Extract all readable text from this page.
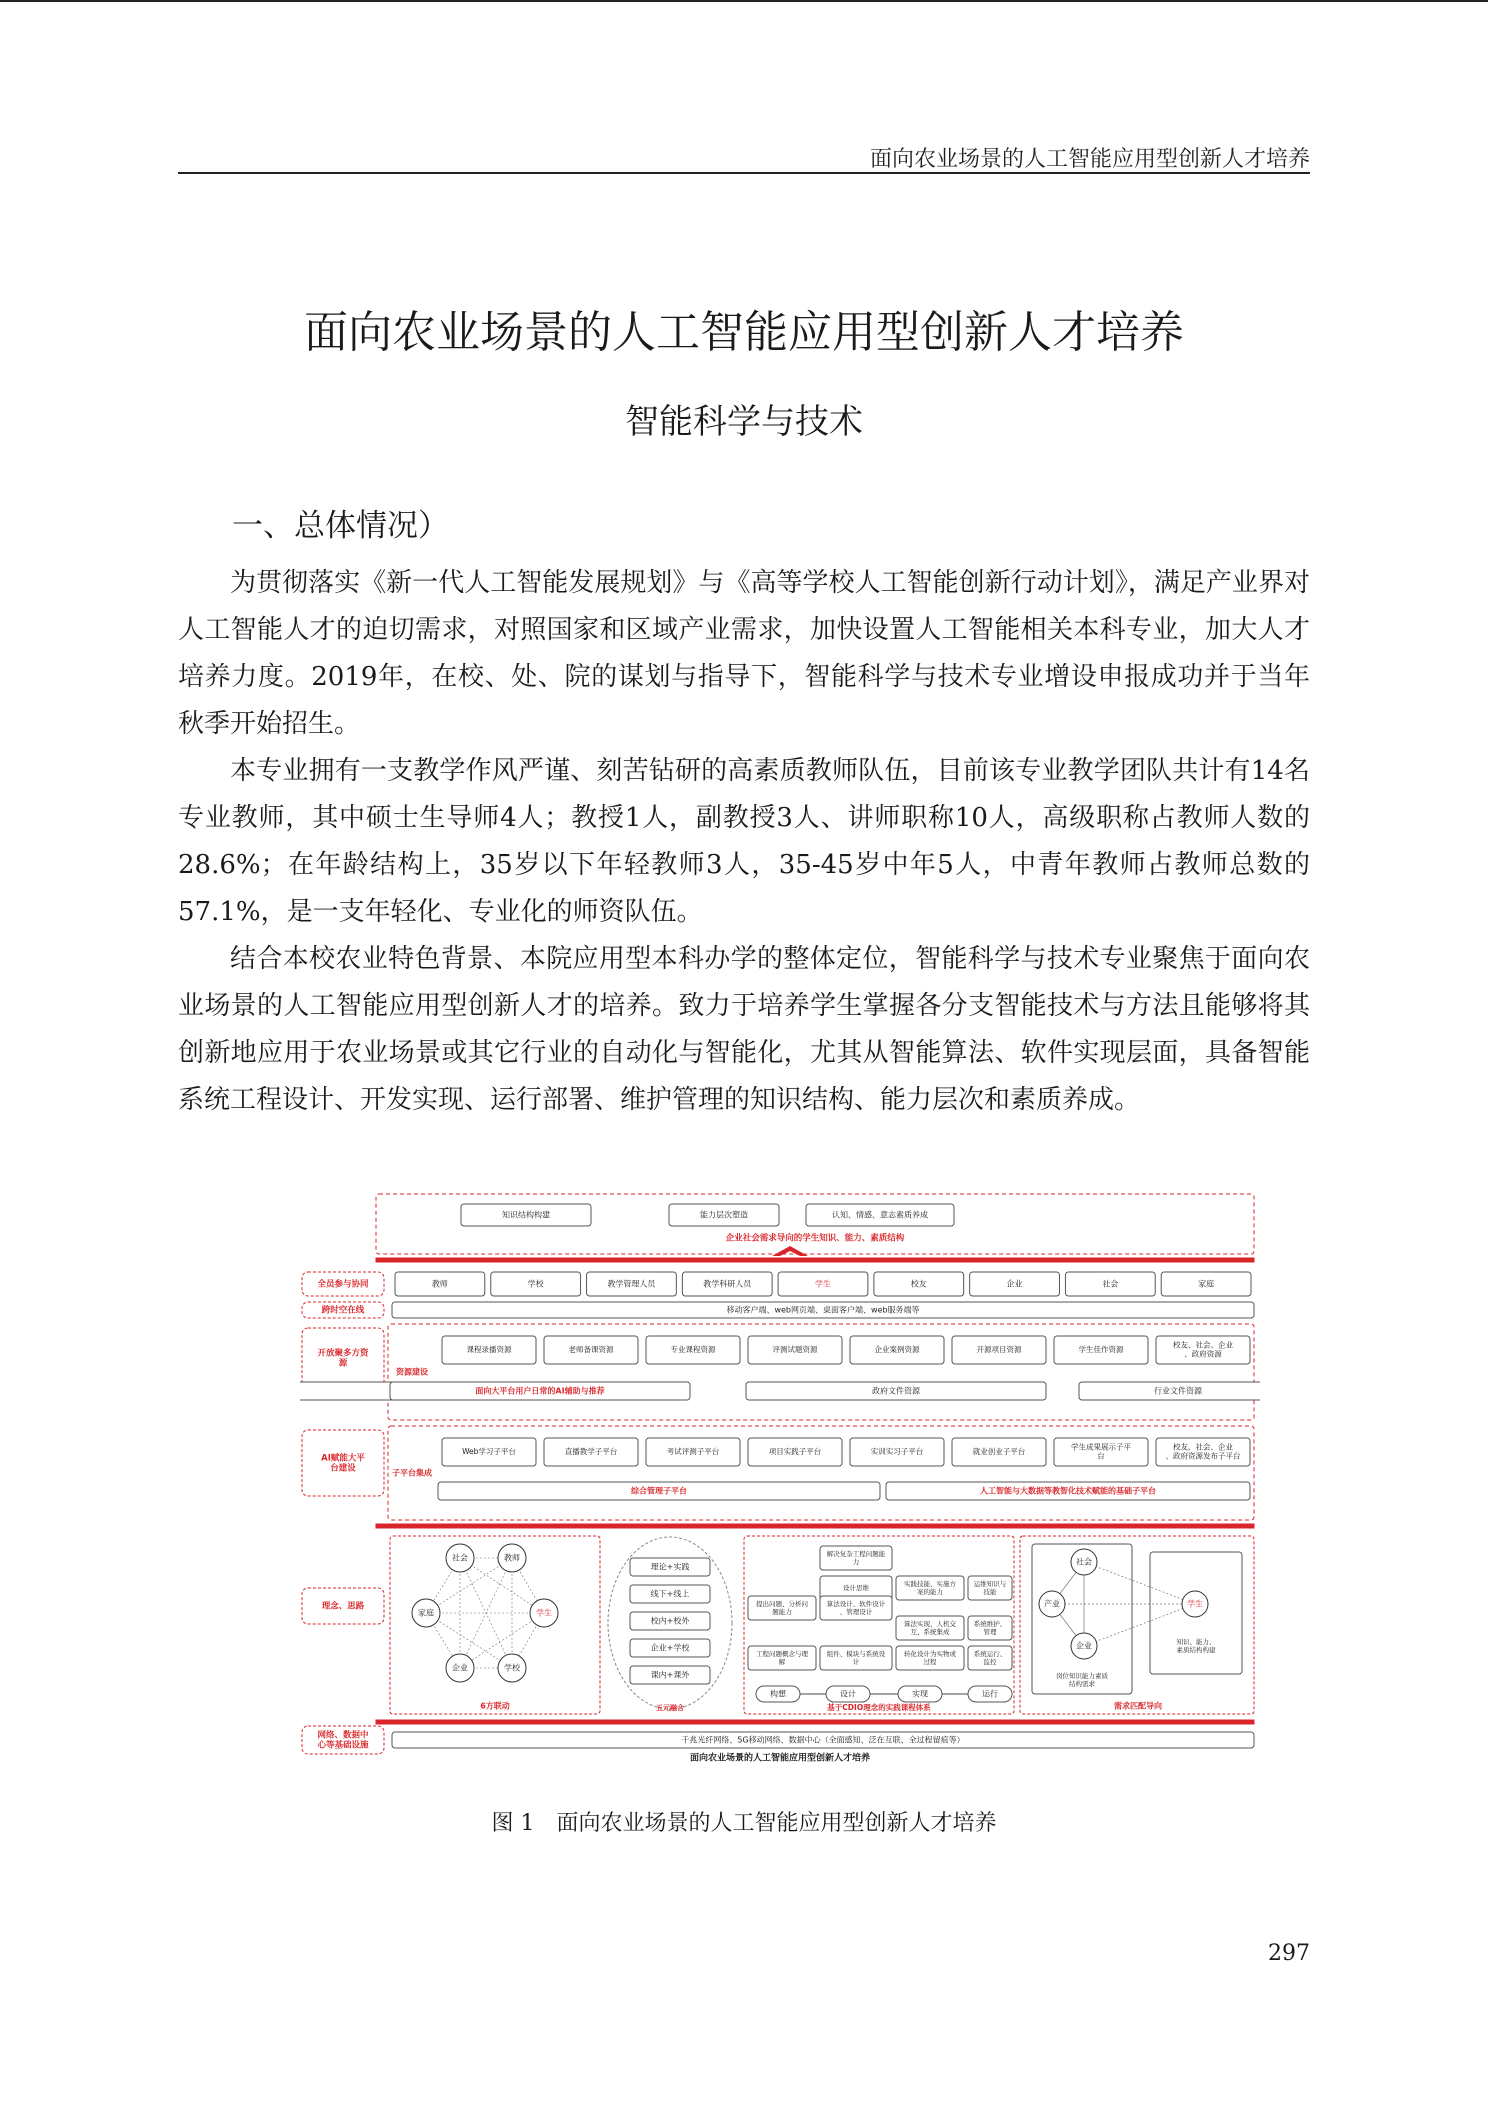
面向农业场景的人工智能应用型创新人才培养
面向农业场景的人工智能应用型创新人才培养
智能科学与技术
一、总体情况）

为贯彻落实《新一代人工智能发展规划》与《高等学校人工智能创新行动计划》，满足产业界对人工智能人才的迫切需求，对照国家和区域产业需求，加快设置人工智能相关本科专业，加大人才培养力度。2019年，在校、处、院的谋划与指导下，智能科学与技术专业增设申报成功并于当年秋季开始招生。

本专业拥有一支教学作风严谨、刻苦钻研的高素质教师队伍，目前该专业教学团队共计有14名专业教师，其中硕士生导师4人；教授1人，副教授3人、讲师职称10人，高级职称占教师人数的28.6%；在年龄结构上，35岁以下年轻教师3人，35-45岁中年5人，中青年教师占教师总数的57.1%，是一支年轻化、专业化的师资队伍。

结合本校农业特色背景、本院应用型本科办学的整体定位，智能科学与技术专业聚焦于面向农业场景的人工智能应用型创新人才的培养。致力于培养学生掌握各分支智能技术与方法且能够将其创新地应用于农业场景或其它行业的自动化与智能化，尤其从智能算法、软件实现层面，具备智能系统工程设计、开发实现、运行部署、维护管理的知识结构、能力层次和素质养成。

知识结构构建	能力层次塑造	认知、情感、意志素质养成
企业社会需求导向的学生知识、能力、素质结构
全员参与协同	教师	学校	教学管理人员	教学科研人员	学生	校友	企业	社会	家庭
跨时空在线	移动客户端、web网页端、桌面客户端、web服务端等
开放聚多方资
源
资源建设
课程录播资源	老师备课资源	专业课程资源	评测试题资源	企业案例资源	开源项目资源	学生佳作资源	校友、社会、企业
、政府资源
面向大平台用户日常的AI辅助与推荐	政府文件资源	行业文件资源
AI赋能大平
台建设	子平台集成
Web学习子平台	直播教学子平台	考试评测子平台	项目实践子平台	实训实习子平台	就业创业子平台	学生成果展示子平
台
校友、社会、企业
、政府资源发布子平台
综合管理子平台	人工智能与大数据等教智化技术赋能的基础子平台
理念、思路
社会	教师
家庭	学生
企业	学校
6方联动
理论+实践
线下+线上
校内+校外
企业+学校
课内+课外
五元融合
提出问题、分析问
题能力
工程问题概念与理
解
解决复杂工程问题能
力
设计思维
算法设计、软件设计
、管理设计
组件、模块与系统设
计
实践技能、实施方
案的能力
算法实现、人机交
互、系统集成
转化设计为实物或
过程
运维知识与
技能
系统维护、
管理
系统运行、
监控
构想	设计	实现	运行
基于CDIO理念的实践课程体系
社会
产业
企业
学生
岗位知识能力素质
结构需求
知识、能力、
素质结构构建
需求匹配导向
网络、数据中
心等基础设施
千兆光纤网络、5G移动网络、数据中心（全面感知、泛在互联、全过程留痕等）
面向农业场景的人工智能应用型创新人才培养
图 1　面向农业场景的人工智能应用型创新人才培养
297
